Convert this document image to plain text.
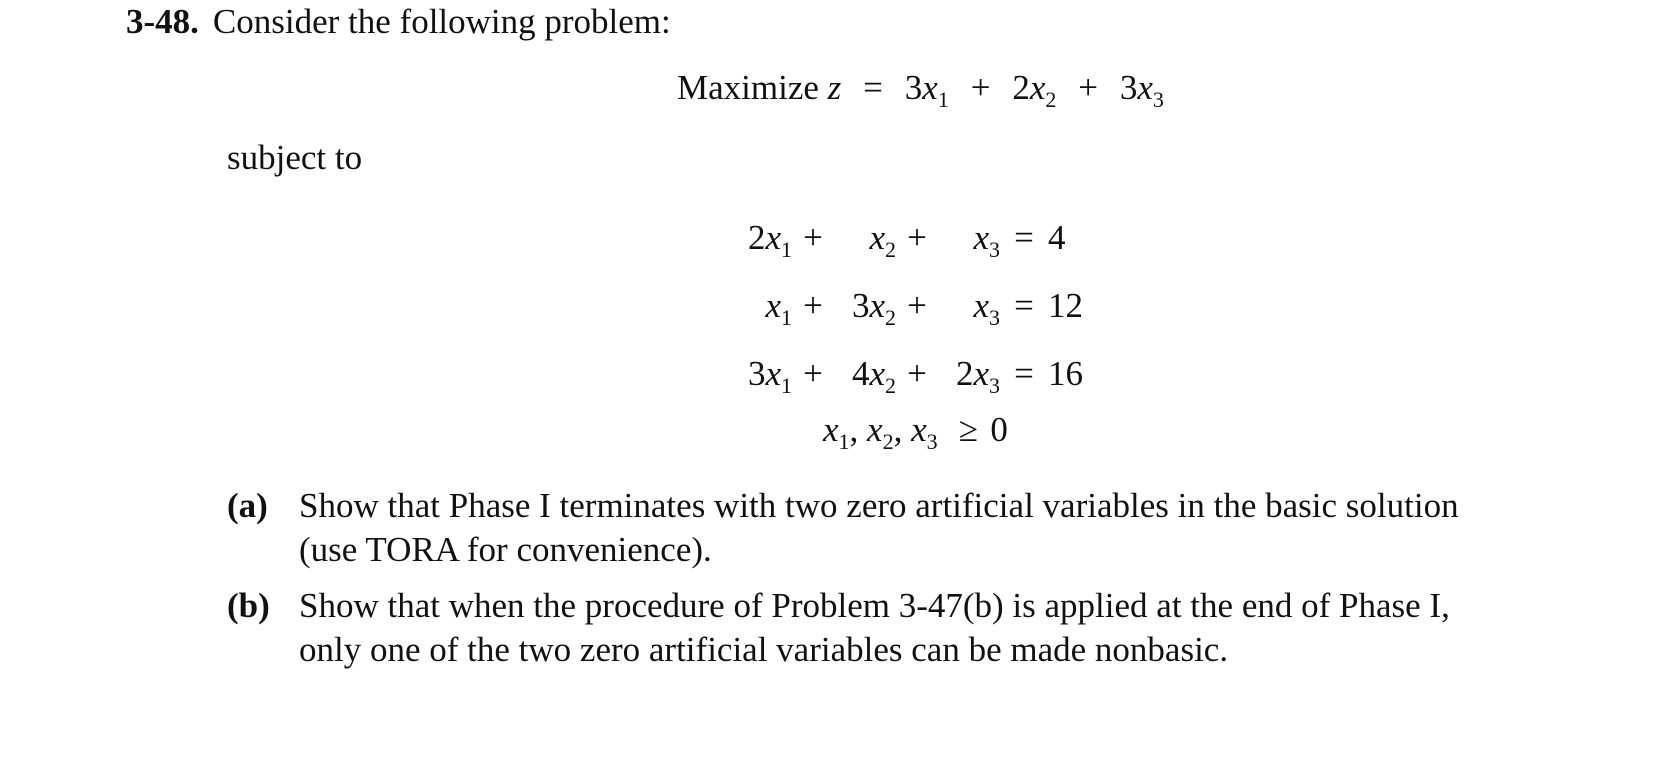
3-48. Consider the following problem:
Maximize $z = 3x_1 + 2x_2 + 3x_3$
subject to
$2x_1$	+	$x_2$	+	$x_3$	=	4
$x_1$	+	$3x_2$	+	$x_3$	=	12
$3x_1$	+	$4x_2$	+	$2x_3$	=	16
$x_1$, $x_2$, $x_3 \ge 0$
(a) Show that Phase I terminates with two zero artificial variables in the basic solution
(use TORA for convenience).
(b) Show that when the procedure of Problem 3-47(b) is applied at the end of Phase I,
only one of the two zero artificial variables can be made nonbasic.
